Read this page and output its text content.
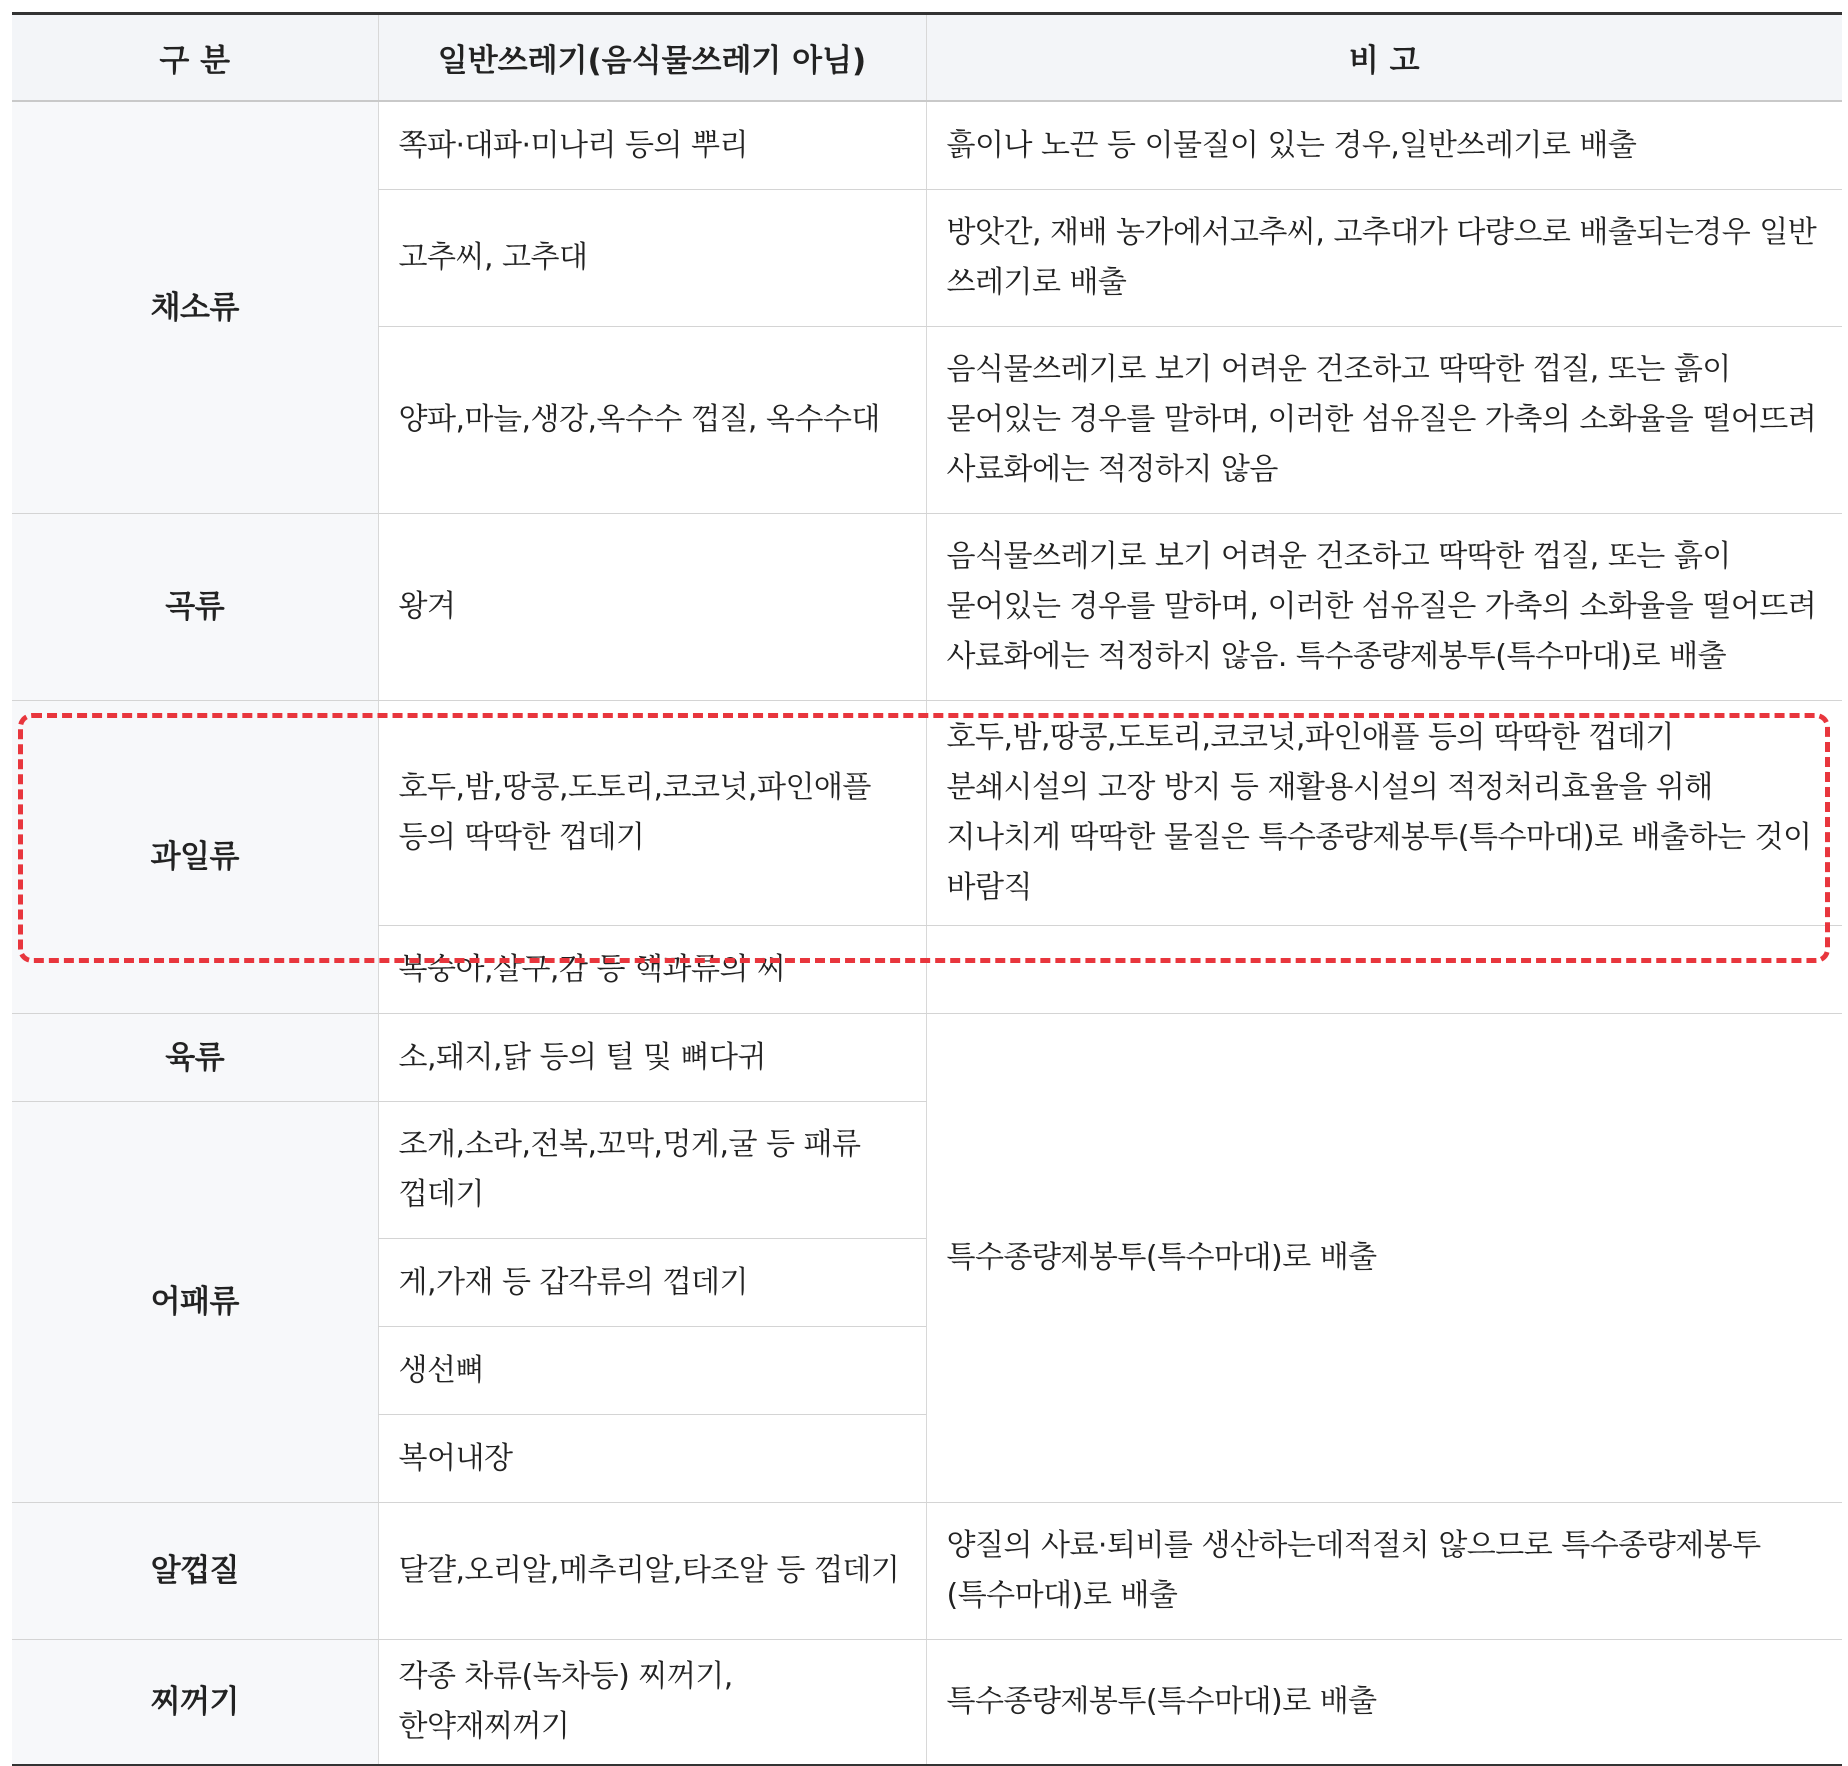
구 분	일반쓰레기(음식물쓰레기 아님)	비 고
채소류	쪽파·대파·미나리 등의 뿌리	흙이나 노끈 등 이물질이 있는 경우,일반쓰레기로 배출
	고추씨, 고추대	방앗간, 재배 농가에서고추씨, 고추대가 다량으로 배출되는경우 일반 쓰레기로 배출
	양파,마늘,생강,옥수수 껍질, 옥수수대	음식물쓰레기로 보기 어려운 건조하고 딱딱한 껍질, 또는 흙이 묻어있는 경우를 말하며, 이러한 섬유질은 가축의 소화율을 떨어뜨려 사료화에는 적정하지 않음
곡류	왕겨	음식물쓰레기로 보기 어려운 건조하고 딱딱한 껍질, 또는 흙이 묻어있는 경우를 말하며, 이러한 섬유질은 가축의 소화율을 떨어뜨려 사료화에는 적정하지 않음. 특수종량제봉투(특수마대)로 배출
과일류	호두,밤,땅콩,도토리,코코넛,파인애플 등의 딱딱한 껍데기	호두,밤,땅콩,도토리,코코넛,파인애플 등의 딱딱한 껍데기 분쇄시설의 고장 방지 등 재활용시설의 적정처리효율을 위해 지나치게 딱딱한 물질은 특수종량제봉투(특수마대)로 배출하는 것이 바람직
	복숭아,살구,감 등 핵과류의 씨	
육류	소,돼지,닭 등의 털 및 뼈다귀	특수종량제봉투(특수마대)로 배출
어패류	조개,소라,전복,꼬막,멍게,굴 등 패류 껍데기	
	게,가재 등 갑각류의 껍데기	
	생선뼈	
	복어내장	
알껍질	달걀,오리알,메추리알,타조알 등 껍데기	양질의 사료·퇴비를 생산하는데적절치 않으므로 특수종량제봉투(특수마대)로 배출
찌꺼기	각종 차류(녹차등) 찌꺼기, 한약재찌꺼기	특수종량제봉투(특수마대)로 배출
